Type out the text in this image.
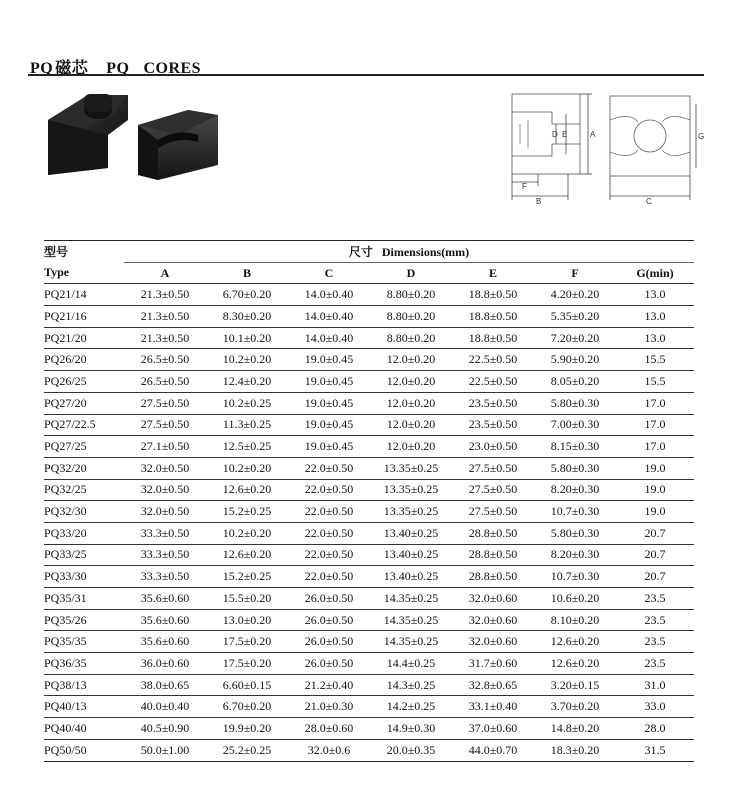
PQ 磁芯 PQ CORES
D E	A
F
B
G
C
型号	尺寸 Dimensions(mm)						
Type	A	B	C	D	E	F	G(min)
PQ21/14	21.3±0.50	6.70±0.20	14.0±0.40	8.80±0.20	18.8±0.50	4.20±0.20	13.0
PQ21/16	21.3±0.50	8.30±0.20	14.0±0.40	8.80±0.20	18.8±0.50	5.35±0.20	13.0
PQ21/20	21.3±0.50	10.1±0.20	14.0±0.40	8.80±0.20	18.8±0.50	7.20±0.20	13.0
PQ26/20	26.5±0.50	10.2±0.20	19.0±0.45	12.0±0.20	22.5±0.50	5.90±0.20	15.5
PQ26/25	26.5±0.50	12.4±0.20	19.0±0.45	12.0±0.20	22.5±0.50	8.05±0.20	15.5
PQ27/20	27.5±0.50	10.2±0.25	19.0±0.45	12.0±0.20	23.5±0.50	5.80±0.30	17.0
PQ27/22.5	27.5±0.50	11.3±0.25	19.0±0.45	12.0±0.20	23.5±0.50	7.00±0.30	17.0
PQ27/25	27.1±0.50	12.5±0.25	19.0±0.45	12.0±0.20	23.0±0.50	8.15±0.30	17.0
PQ32/20	32.0±0.50	10.2±0.20	22.0±0.50	13.35±0.25	27.5±0.50	5.80±0.30	19.0
PQ32/25	32.0±0.50	12.6±0.20	22.0±0.50	13.35±0.25	27.5±0.50	8.20±0.30	19.0
PQ32/30	32.0±0.50	15.2±0.25	22.0±0.50	13.35±0.25	27.5±0.50	10.7±0.30	19.0
PQ33/20	33.3±0.50	10.2±0.20	22.0±0.50	13.40±0.25	28.8±0.50	5.80±0.30	20.7
PQ33/25	33.3±0.50	12.6±0.20	22.0±0.50	13.40±0.25	28.8±0.50	8.20±0.30	20.7
PQ33/30	33.3±0.50	15.2±0.25	22.0±0.50	13.40±0.25	28.8±0.50	10.7±0.30	20.7
PQ35/31	35.6±0.60	15.5±0.20	26.0±0.50	14.35±0.25	32.0±0.60	10.6±0.20	23.5
PQ35/26	35.6±0.60	13.0±0.20	26.0±0.50	14.35±0.25	32.0±0.60	8.10±0.20	23.5
PQ35/35	35.6±0.60	17.5±0.20	26.0±0.50	14.35±0.25	32.0±0.60	12.6±0.20	23.5
PQ36/35	36.0±0.60	17.5±0.20	26.0±0.50	14.4±0.25	31.7±0.60	12.6±0.20	23.5
PQ38/13	38.0±0.65	6.60±0.15	21.2±0.40	14.3±0.25	32.8±0.65	3.20±0.15	31.0
PQ40/13	40.0±0.40	6.70±0.20	21.0±0.30	14.2±0.25	33.1±0.40	3.70±0.20	33.0
PQ40/40	40.5±0.90	19.9±0.20	28.0±0.60	14.9±0.30	37.0±0.60	14.8±0.20	28.0
PQ50/50	50.0±1.00	25.2±0.25	32.0±0.6	20.0±0.35	44.0±0.70	18.3±0.20	31.5
